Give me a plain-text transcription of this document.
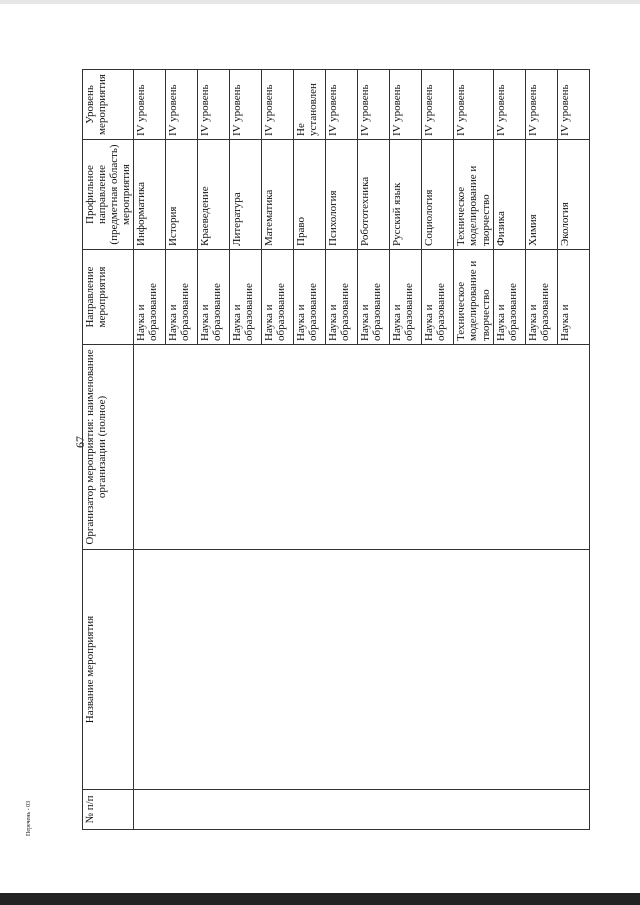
67
№ п/п	Название мероприятия	Организатор мероприятия: наименование организации (полное)	Направление мероприятия	Профильное направление (предметная область) мероприятия	Уровень мероприятия
			Наука и образование	Информатика	IV уровень
			Наука и образование	История	IV уровень
			Наука и образование	Краеведение	IV уровень
			Наука и образование	Литература	IV уровень
			Наука и образование	Математика	IV уровень
			Наука и образование	Право	Не установлен
			Наука и образование	Психология	IV уровень
			Наука и образование	Робототехника	IV уровень
			Наука и образование	Русский язык	IV уровень
			Наука и образование	Социология	IV уровень
			Техническое моделирование и творчество	Техническое моделирование и творчество	IV уровень
			Наука и образование	Физика	IV уровень
			Наука и образование	Химия	IV уровень
			Наука и	Экология	IV уровень
Перечень - 03
